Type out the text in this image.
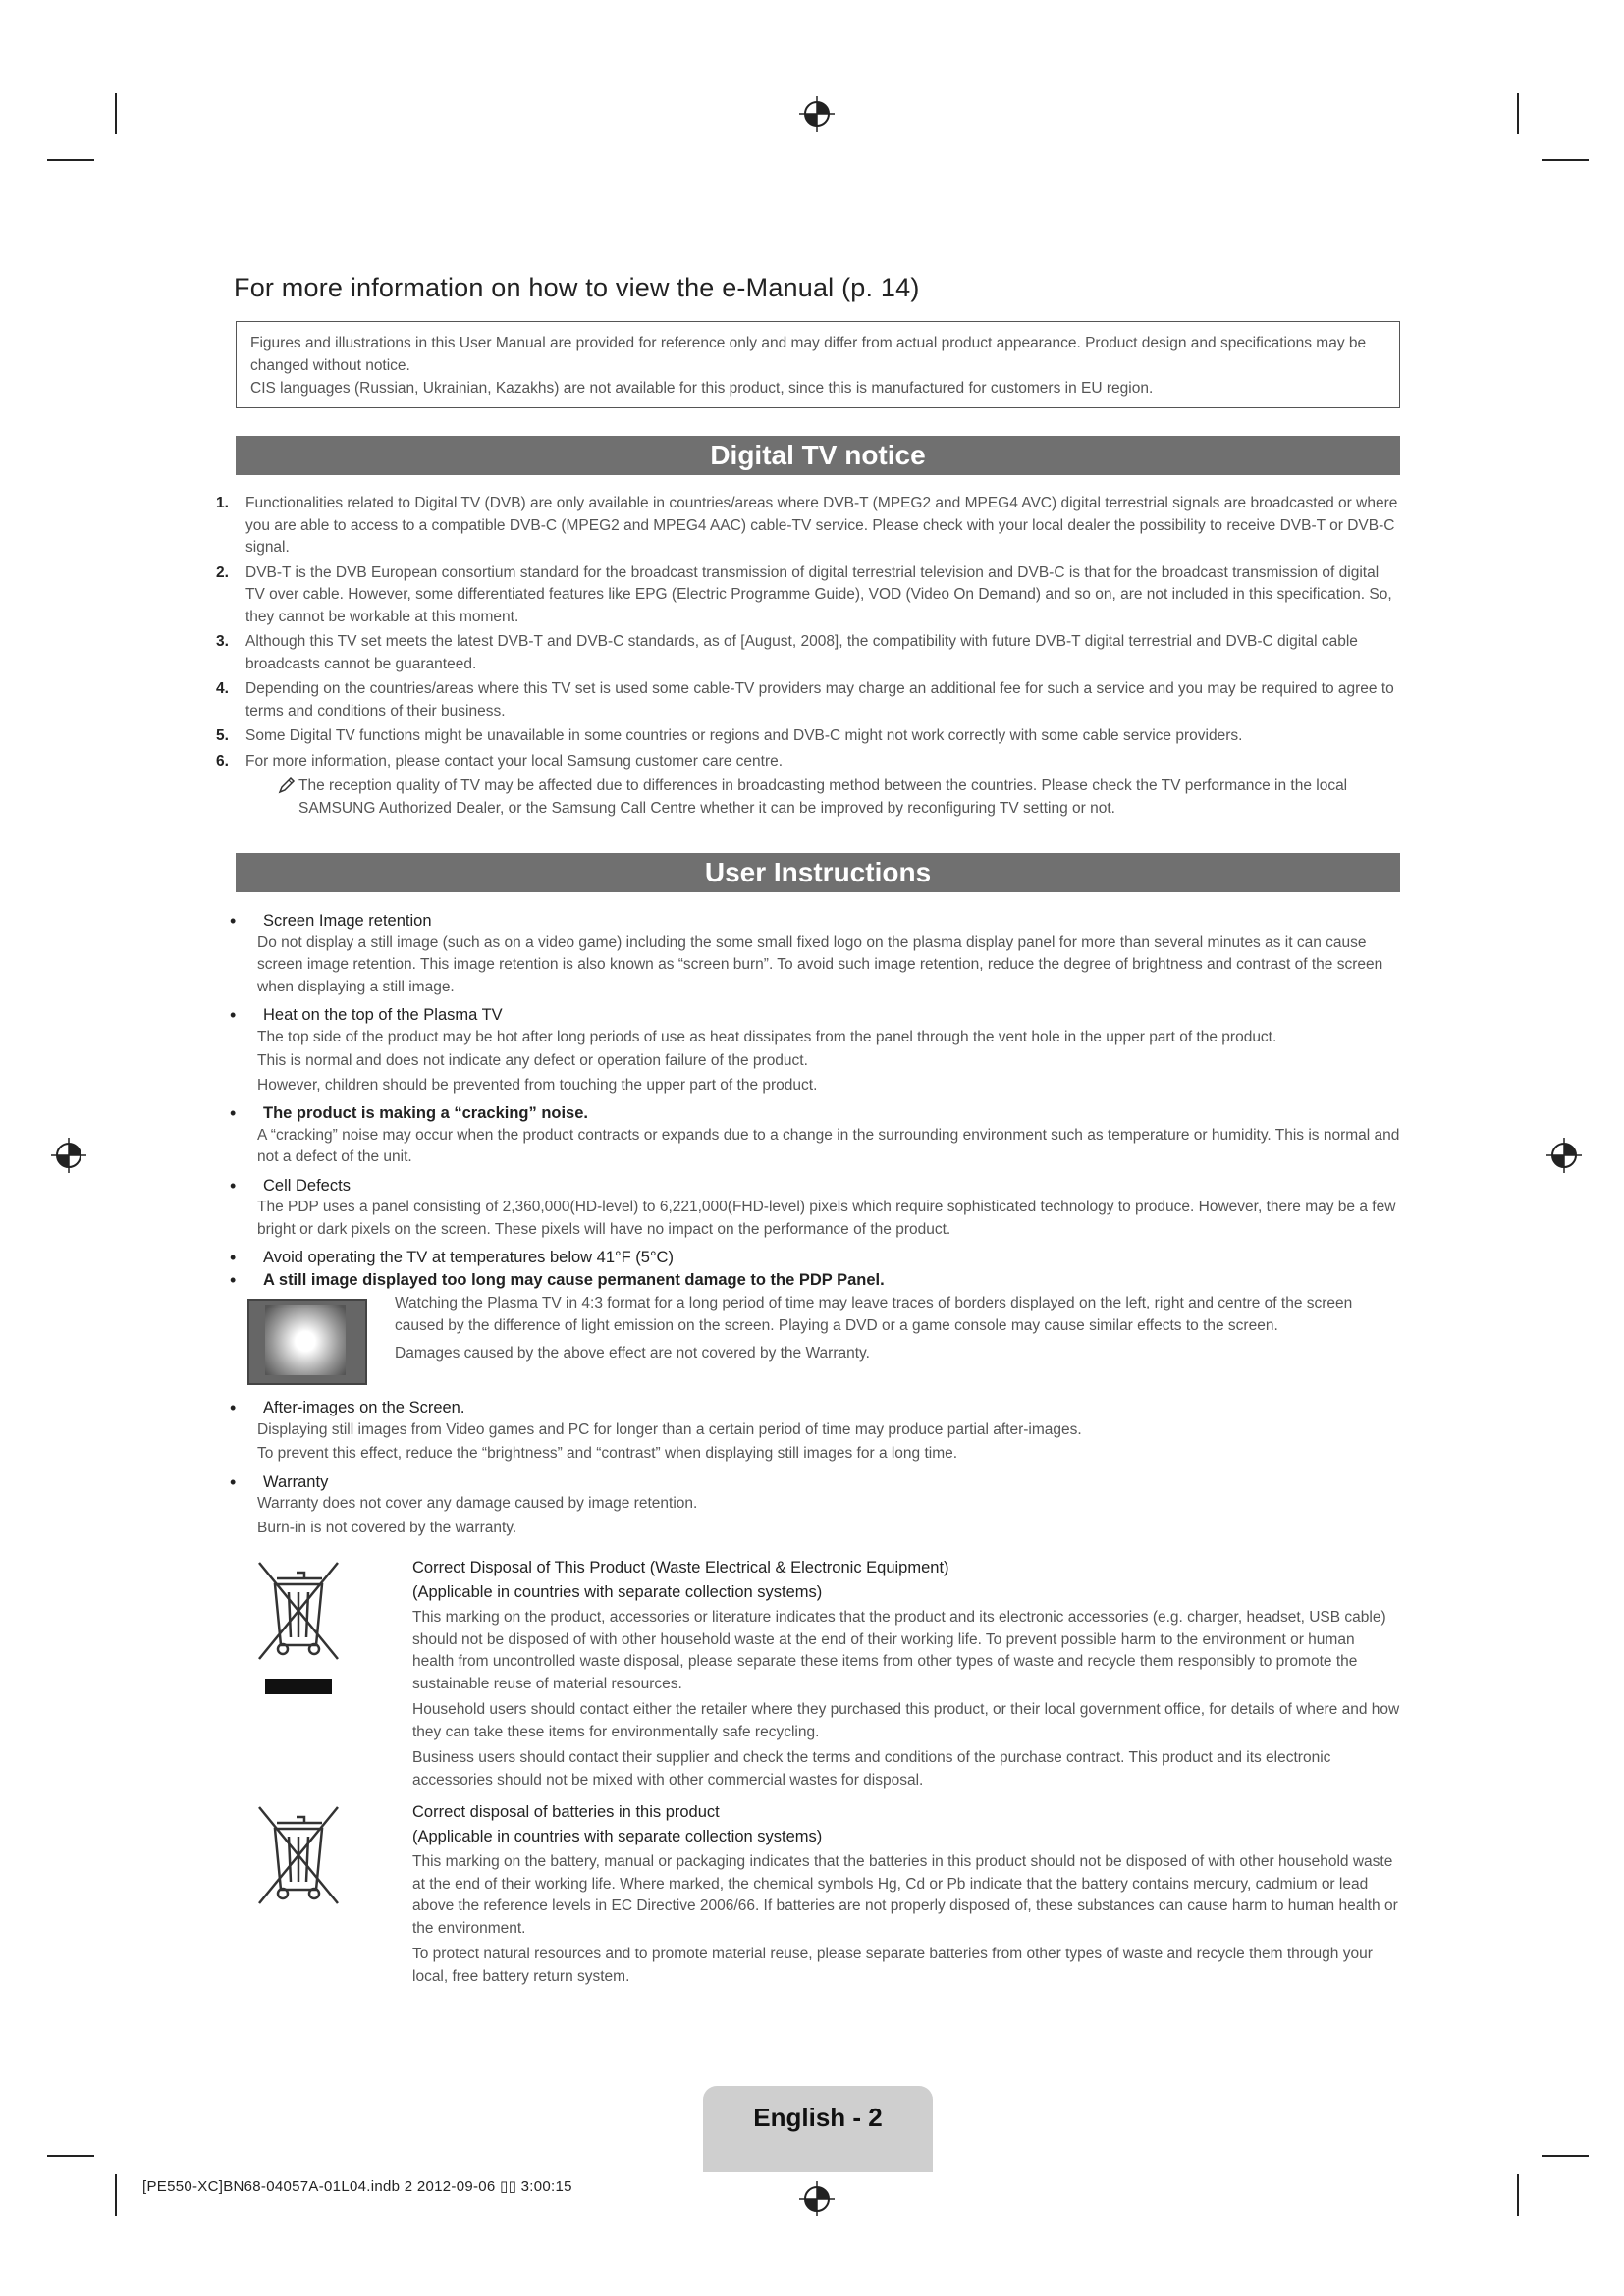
For more information on how to view the e-Manual (p. 14)
Figures and illustrations in this User Manual are provided for reference only and may differ from actual product appearance. Product design and specifications may be changed without notice.
CIS languages (Russian, Ukrainian, Kazakhs) are not available for this product, since this is manufactured for customers in EU region.
Digital TV notice
1.	Functionalities related to Digital TV (DVB) are only available in countries/areas where DVB-T (MPEG2 and MPEG4 AVC) digital terrestrial signals are broadcasted or where you are able to access to a compatible DVB-C (MPEG2 and MPEG4 AAC) cable-TV service. Please check with your local dealer the possibility to receive DVB-T or DVB-C signal.
2.	DVB-T is the DVB European consortium standard for the broadcast transmission of digital terrestrial television and DVB-C is that for the broadcast transmission of digital TV over cable. However, some differentiated features like EPG (Electric Programme Guide), VOD (Video On Demand) and so on, are not included in this specification. So, they cannot be workable at this moment.
3.	Although this TV set meets the latest DVB-T and DVB-C standards, as of [August, 2008], the compatibility with future DVB-T digital terrestrial and DVB-C digital cable broadcasts cannot be guaranteed.
4.	Depending on the countries/areas where this TV set is used some cable-TV providers may charge an additional fee for such a service and you may be required to agree to terms and conditions of their business.
5.	Some Digital TV functions might be unavailable in some countries or regions and DVB-C might not work correctly with some cable service providers.
6.	For more information, please contact your local Samsung customer care centre.
The reception quality of TV may be affected due to differences in broadcasting method between the countries. Please check the TV performance in the local SAMSUNG Authorized Dealer, or the Samsung Call Centre whether it can be improved by reconfiguring TV setting or not.
User Instructions
•	Screen Image retention
Do not display a still image (such as on a video game) including the some small fixed logo on the plasma display panel for more than several minutes as it can cause screen image retention. This image retention is also known as “screen burn”. To avoid such image retention, reduce the degree of brightness and contrast of the screen when displaying a still image.
•	Heat on the top of the Plasma TV
The top side of the product may be hot after long periods of use as heat dissipates from the panel through the vent hole in the upper part of the product.
This is normal and does not indicate any defect or operation failure of the product.
However, children should be prevented from touching the upper part of the product.
•	The product is making a “cracking” noise.
A “cracking” noise may occur when the product contracts or expands due to a change in the surrounding environment such as temperature or humidity. This is normal and not a defect of the unit.
•	Cell Defects
The PDP uses a panel consisting of 2,360,000(HD-level) to 6,221,000(FHD-level) pixels which require sophisticated technology to produce. However, there may be a few bright or dark pixels on the screen. These pixels will have no impact on the performance of the product.
•	Avoid operating the TV at temperatures below 41°F (5°C)
•	A still image displayed too long may cause permanent damage to the PDP Panel.
Watching the Plasma TV in 4:3 format for a long period of time may leave traces of borders displayed on the left, right and centre of the screen caused by the difference of light emission on the screen. Playing a DVD or a game console may cause similar effects to the screen.
Damages caused by the above effect are not covered by the Warranty.
•	After-images on the Screen.
Displaying still images from Video games and PC for longer than a certain period of time may produce partial after-images.
To prevent this effect, reduce the “brightness” and “contrast” when displaying still images for a long time.
•	Warranty
Warranty does not cover any damage caused by image retention.
Burn-in is not covered by the warranty.
Correct Disposal of This Product (Waste Electrical & Electronic Equipment)
(Applicable in countries with separate collection systems)
This marking on the product, accessories or literature indicates that the product and its electronic accessories (e.g. charger, headset, USB cable) should not be disposed of with other household waste at the end of their working life. To prevent possible harm to the environment or human health from uncontrolled waste disposal, please separate these items from other types of waste and recycle them responsibly to promote the sustainable reuse of material resources.
Household users should contact either the retailer where they purchased this product, or their local government office, for details of where and how they can take these items for environmentally safe recycling.
Business users should contact their supplier and check the terms and conditions of the purchase contract. This product and its electronic accessories should not be mixed with other commercial wastes for disposal.
Correct disposal of batteries in this product
(Applicable in countries with separate collection systems)
This marking on the battery, manual or packaging indicates that the batteries in this product should not be disposed of with other household waste at the end of their working life. Where marked, the chemical symbols Hg, Cd or Pb indicate that the battery contains mercury, cadmium or lead above the reference levels in EC Directive 2006/66. If batteries are not properly disposed of, these substances can cause harm to human health or the environment.
To protect natural resources and to promote material reuse, please separate batteries from other types of waste and recycle them through your local, free battery return system.
English - 2
[PE550-XC]BN68-04057A-01L04.indb 2 2012-09-06 ▯▯ 3:00:15
